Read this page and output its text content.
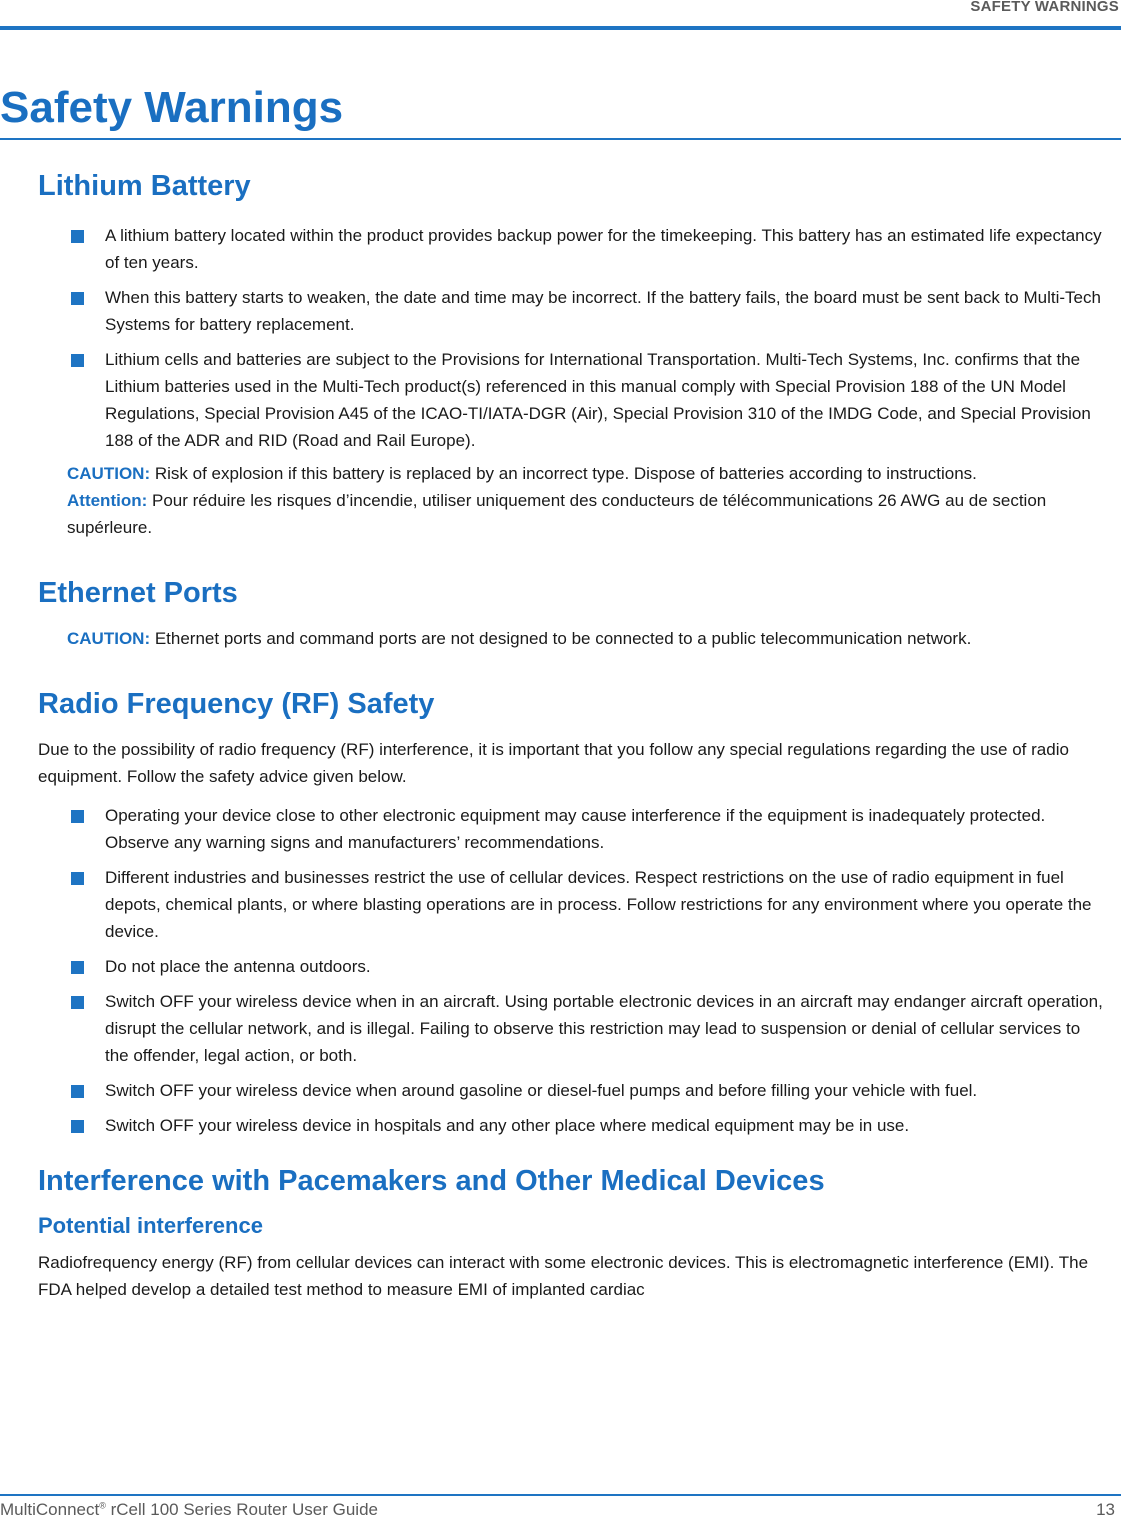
SAFETY WARNINGS
Safety Warnings
Lithium Battery
A lithium battery located within the product provides backup power for the timekeeping. This battery has an estimated life expectancy of ten years.
When this battery starts to weaken, the date and time may be incorrect. If the battery fails, the board must be sent back to Multi-Tech Systems for battery replacement.
Lithium cells and batteries are subject to the Provisions for International Transportation. Multi-Tech Systems, Inc. confirms that the Lithium batteries used in the Multi-Tech product(s) referenced in this manual comply with Special Provision 188 of the UN Model Regulations, Special Provision A45 of the ICAO-TI/IATA-DGR (Air), Special Provision 310 of the IMDG Code, and Special Provision 188 of the ADR and RID (Road and Rail Europe).

CAUTION: Risk of explosion if this battery is replaced by an incorrect type. Dispose of batteries according to instructions.

Attention: Pour réduire les risques d’incendie, utiliser uniquement des conducteurs de télécommunications 26 AWG au de section supérleure.

Ethernet Ports

CAUTION: Ethernet ports and command ports are not designed to be connected to a public telecommunication network.

Radio Frequency (RF) Safety

Due to the possibility of radio frequency (RF) interference, it is important that you follow any special regulations regarding the use of radio equipment. Follow the safety advice given below.

Operating your device close to other electronic equipment may cause interference if the equipment is inadequately protected. Observe any warning signs and manufacturers’ recommendations.
Different industries and businesses restrict the use of cellular devices. Respect restrictions on the use of radio equipment in fuel depots, chemical plants, or where blasting operations are in process. Follow restrictions for any environment where you operate the device.
Do not place the antenna outdoors.
Switch OFF your wireless device when in an aircraft. Using portable electronic devices in an aircraft may endanger aircraft operation, disrupt the cellular network, and is illegal. Failing to observe this restriction may lead to suspension or denial of cellular services to the offender, legal action, or both.
Switch OFF your wireless device when around gasoline or diesel-fuel pumps and before filling your vehicle with fuel.
Switch OFF your wireless device in hospitals and any other place where medical equipment may be in use.
Interference with Pacemakers and Other Medical Devices
Potential interference

Radiofrequency energy (RF) from cellular devices can interact with some electronic devices. This is electromagnetic interference (EMI). The FDA helped develop a detailed test method to measure EMI of implanted cardiac

MultiConnect® rCell 100 Series Router User Guide	13
